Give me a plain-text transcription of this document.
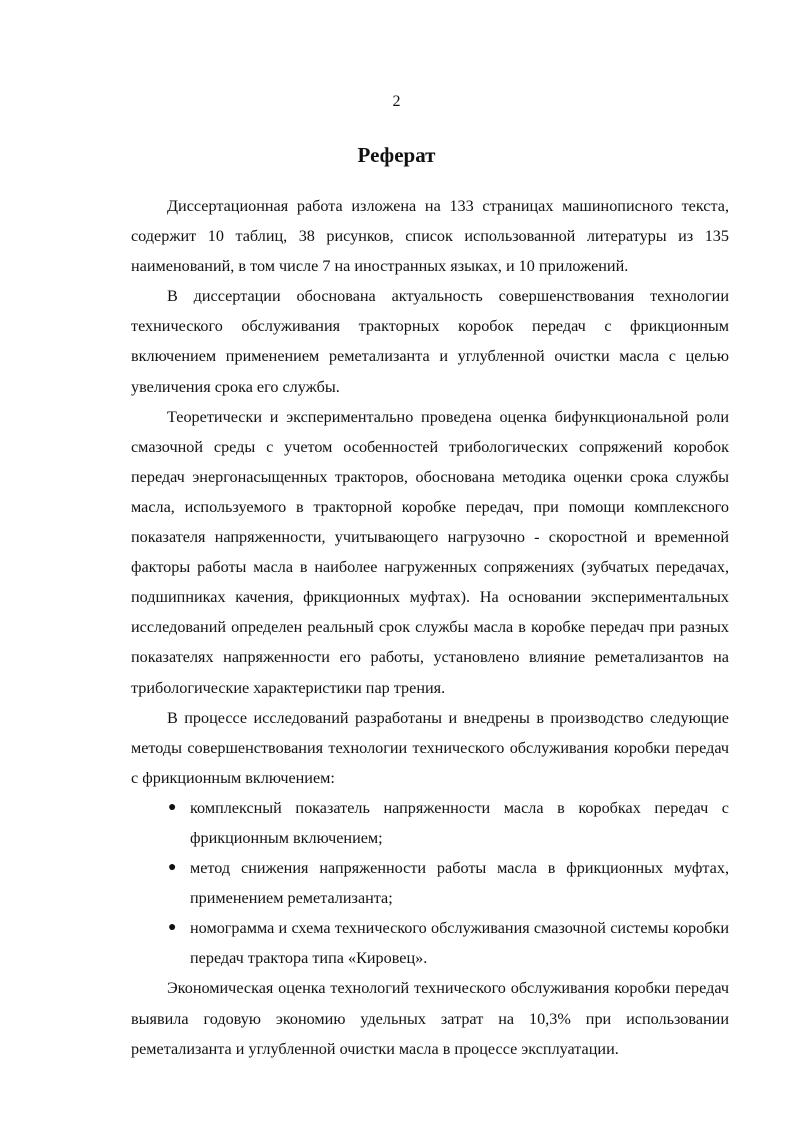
2
Реферат

Диссертационная работа изложена на 133 страницах машинописного текста, содержит 10 таблиц, 38 рисунков, список использованной литературы из 135 наименований, в том числе 7 на иностранных языках, и 10 приложений.

В диссертации обоснована актуальность совершенствования технологии технического обслуживания тракторных коробок передач с фрикционным включением применением реметализанта и углубленной очистки масла с целью увеличения срока его службы.

Теоретически и экспериментально проведена оценка бифункциональной роли смазочной среды с учетом особенностей трибологических сопряжений коробок передач энергонасыщенных тракторов, обоснована методика оценки срока службы масла, используемого в тракторной коробке передач, при помощи комплексного показателя напряженности, учитывающего нагрузочно - скоростной и временной факторы работы масла в наиболее нагруженных сопряжениях (зубчатых передачах, подшипниках качения, фрикционных муфтах). На основании экспериментальных исследований определен реальный срок службы масла в коробке передач при разных показателях напряженности его работы, установлено влияние реметализантов на трибологические характеристики пар трения.

В процессе исследований разработаны и внедрены в производство следующие методы совершенствования технологии технического обслуживания коробки передач с фрикционным включением:

● комплексный показатель напряженности масла в коробках передач с фрикционным включением;
● метод снижения напряженности работы масла в фрикционных муфтах, применением реметализанта;
● номограмма и схема технического обслуживания смазочной системы коробки передач трактора типа «Кировец».

Экономическая оценка технологий технического обслуживания коробки передач выявила годовую экономию удельных затрат на 10,3% при использовании реметализанта и углубленной очистки масла в процессе эксплуатации.
